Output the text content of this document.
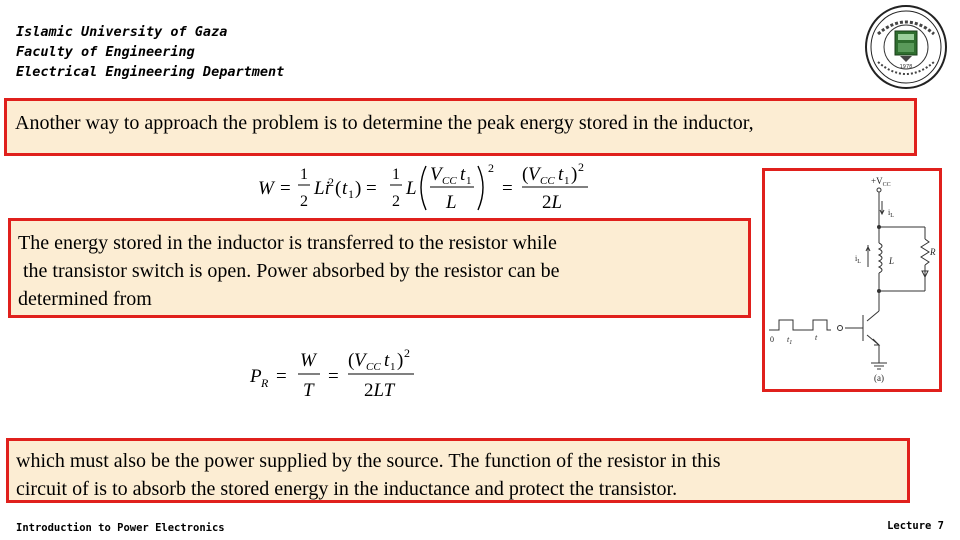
Islamic University of Gaza
Faculty of Engineering
Electrical Engineering Department	1978
Another way to approach the problem is to determine the peak energy stored in the inductor,
W =
1
2
Li
2 ( t 1 ) =
1
2
L
V CC t 1
L
2
=
( V CC t 1 ) 2
2L
The energy stored in the inductor is transferred to the resistor while
the transistor switch is open. Power absorbed by the resistor can be
determined from
P R =
W
T
=
( V CC t 1 ) 2
2LT
$+V_{CC}$
$i_L$
L
$i_L$
R
0 $t_1$
t
(a)
which must also be the power supplied by the source. The function of the resistor in this
circuit of is to absorb the stored energy in the inductance and protect the transistor.
Introduction to Power Electronics	Lecture 7
